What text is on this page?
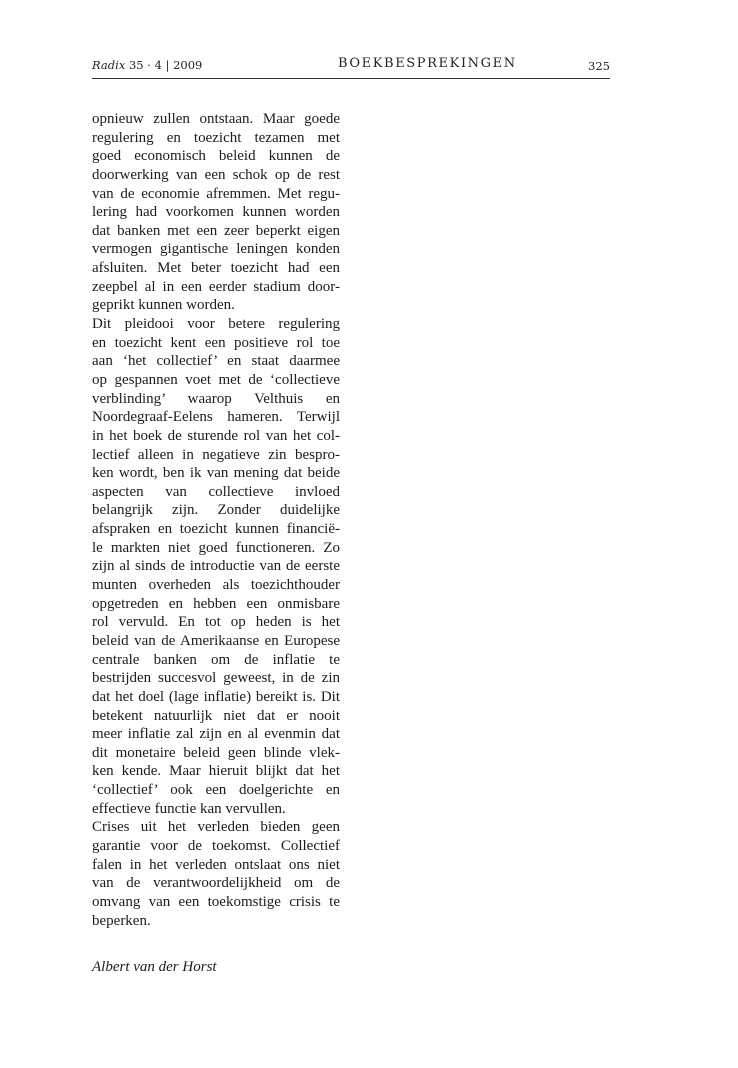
Radix 35 · 4 | 2009	BOEKBESPREKINGEN	325
opnieuw zullen ontstaan. Maar goede
regulering en toezicht tezamen met
goed economisch beleid kunnen de
doorwerking van een schok op de rest
van de economie afremmen. Met regu-
lering had voorkomen kunnen worden
dat banken met een zeer beperkt eigen
vermogen gigantische leningen konden
afsluiten. Met beter toezicht had een
zeepbel al in een eerder stadium door-
geprikt kunnen worden.
Dit pleidooi voor betere regulering
en toezicht kent een positieve rol toe
aan ‘het collectief’ en staat daarmee
op gespannen voet met de ‘collectieve
verblinding’ waarop Velthuis en
Noordegraaf-Eelens hameren. Terwijl
in het boek de sturende rol van het col-
lectief alleen in negatieve zin bespro-
ken wordt, ben ik van mening dat beide
aspecten van collectieve invloed
belangrijk zijn. Zonder duidelijke
afspraken en toezicht kunnen financië-
le markten niet goed functioneren. Zo
zijn al sinds de introductie van de eerste
munten overheden als toezichthouder
opgetreden en hebben een onmisbare
rol vervuld. En tot op heden is het
beleid van de Amerikaanse en Europese
centrale banken om de inflatie te
bestrijden succesvol geweest, in de zin
dat het doel (lage inflatie) bereikt is. Dit
betekent natuurlijk niet dat er nooit
meer inflatie zal zijn en al evenmin dat
dit monetaire beleid geen blinde vlek-
ken kende. Maar hieruit blijkt dat het
‘collectief’ ook een doelgerichte en
effectieve functie kan vervullen.
Crises uit het verleden bieden geen
garantie voor de toekomst. Collectief
falen in het verleden ontslaat ons niet
van de verantwoordelijkheid om de
omvang van een toekomstige crisis te
beperken.
Albert van der Horst
